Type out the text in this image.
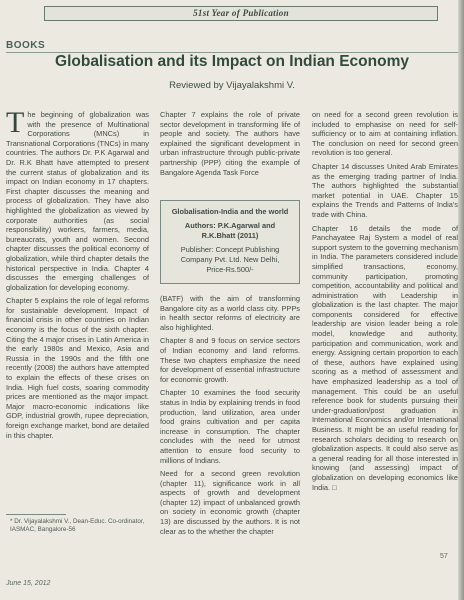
51st Year of Publication
BOOKS
Globalisation and its Impact on Indian Economy
Reviewed by Vijayalakshmi V.

The beginning of globalization was with the presence of Multinational Corporations (MNCs) in Transnational Corporations (TNCs) in many countries. The authors Dr. P.K Agarwal and Dr. R.K Bhatt have attempted to present the current status of globalization and its impact on Indian economy in 17 chapters. First chapter discusses the meaning and process of globalization. They have also highlighted the globalization as viewed by corporate authorities (as social responsibility) workers, farmers, media, bureaucrats, youth and women. Second chapter discusses the political economy of globalization, while third chapter details the historical perspective in India. Chapter 4 discusses the emerging challenges of globalization for developing economy.

Chapter 5 explains the role of legal reforms for sustainable development. Impact of financial crisis in other countries on Indian economy is the focus of the sixth chapter. Citing the 4 major crises in Latin America in the early 1980s and Mexico, Asia and Russia in the 1990s and the fifth one recently (2008) the authors have attempted to explain the effects of these crises on India. High fuel costs, soaring commodity prices are mentioned as the major impact. Major macro-economic indications like GDP, industrial growth, rupee depreciation, foreign exchange market, bond are detailed in this chapter.

Chapter 7 explains the role of private sector development in transforming life of people and society. The authors have explained the significant development in urban infrastructure through public-private partnership (PPP) citing the example of Bangalore Agenda Task Force

Globalisation-India and the world
Authors: P.K.Agarwal and
R.K.Bhatt (2011)
Publisher: Concept Publishing
Company Pvt. Ltd. New Delhi,
Price-Rs.500/-

(BATF) with the aim of transforming Bangalore city as a world class city. PPPs in health sector reforms of electricity are also highlighted.

Chapter 8 and 9 focus on service sectors of Indian economy and land reforms. These two chapters emphasize the need for development of essential infrastructure for economic growth.

Chapter 10 examines the food security status in India by explaining trends in food production, land utilization, area under food grains cultivation and per capita increase in consumption. The chapter concludes with the need for utmost attention to ensure food security to millions of Indians.

Need for a second green revolution (chapter 11), significance work in all aspects of growth and development (chapter 12) impact of unbalanced growth on society in economic growth (chapter 13) are discussed by the authors. It is not clear as to the whether the chapter

on need for a second green revolution is included to emphasise on need for self-sufficiency or to aim at containing inflation. The conclusion on need for second green revolution is too general.

Chapter 14 discusses United Arab Emirates as the emerging trading partner of India. The authors highlighted the substantial market potential in UAE. Chapter 15 explains the Trends and Patterns of India's trade with China.

Chapter 16 details the mode of Panchayatee Raj System a model of real support system to the governing mechanism in India. The parameters considered include simplified transactions, economy, community participation, promoting competition, accountability and political and administration with Leadership in globalization is the last chapter. The major components considered for effective leadership are vision leader being a role model, knowledge and authority, participation and communication, work and energy. Assigning certain proportion to each of these, authors have explained using scoring as a method of assessment and have emphasized leadership as a tool of management. This could be an useful reference book for students pursuing their under-graduation/post graduation in International Economics and/or International Business. It might be an useful reading for research scholars deciding to research on globalization aspects. It could also serve as a general reading for all those interested in knowing (and assessing) impact of globalization on developing economics like India. □

* Dr. Vijayalakshmi V., Dean-Educ. Co-ordinator, IASMAC, Bangalore-56
June 15, 2012
57
